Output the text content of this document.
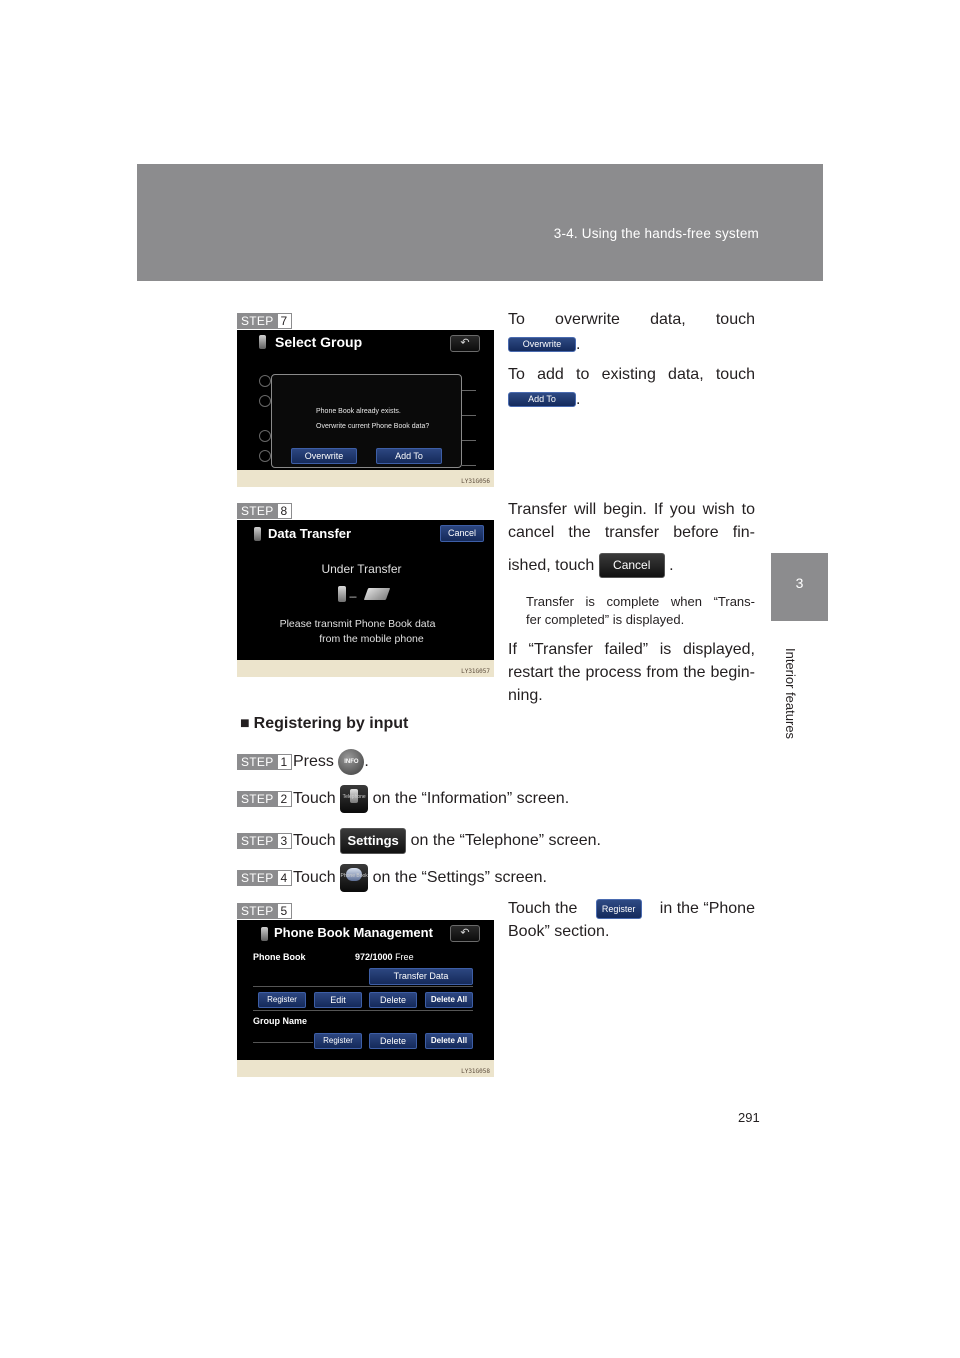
3-4. Using the hands-free system
3
Interior features
STEP 7
Select Group	↶
Phone Book already exists.
Overwrite current Phone Book data?
Overwrite	Add To
LY31G056
To overwrite data, touch
Overwrite .
To add to existing data, touch
Add To .
STEP 8
Data Transfer	Cancel
Under Transfer
---
Please transmit Phone Book data
from the mobile phone
LY31G057
Transfer will begin. If you wish to
cancel the transfer before fin-
ished, touch Cancel .
Transfer is complete when “Trans-
fer completed” is displayed.
If “Transfer failed” is displayed,
restart the process from the begin-
ning.
■ Registering by input
STEP 1 Press INFO .
STEP 2 Touch	Telephone on the “Information” screen.
STEP 3 Touch Settings on the “Telephone” screen.
STEP 4 Touch Phone Book on the “Settings” screen.
STEP 5
Phone Book Management	↶
Phone Book	972/1000 Free
Transfer Data
Register	Edit	Delete	Delete All
Group Name
Register	Delete	Delete All
LY31G058
Touch the	Register	in the “Phone
Book” section.
291
